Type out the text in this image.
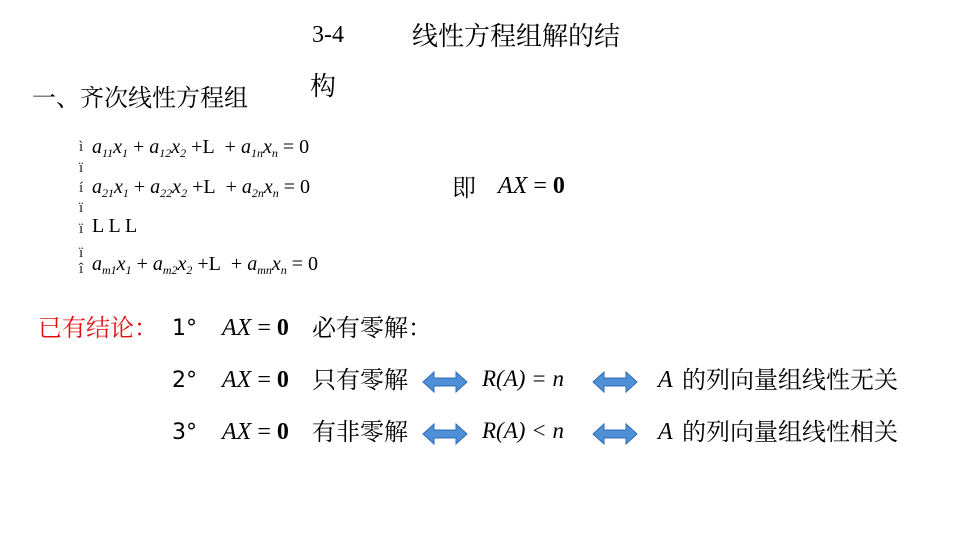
3-4	线性方程组解的结
构
一、齐次线性方程组
ì
ï
í
ï
ï
ï
î
$a_{11}x_1 + a_{12}x_2 +L + a_{1n}x_n = 0$
$a_{21}x_1 + a_{22}x_2 +L + a_{2n}x_n = 0$
L L L
$a_{m1}x_1 + a_{m2}x_2 +L + a_{mn}x_n = 0$
即 AX = 0
已有结论： 1° AX = 0 必有零解：
2° AX = 0 只有零解	R(A) = n	A 的列向量组线性无关
3° AX = 0 有非零解	R(A) < n	A 的列向量组线性相关
